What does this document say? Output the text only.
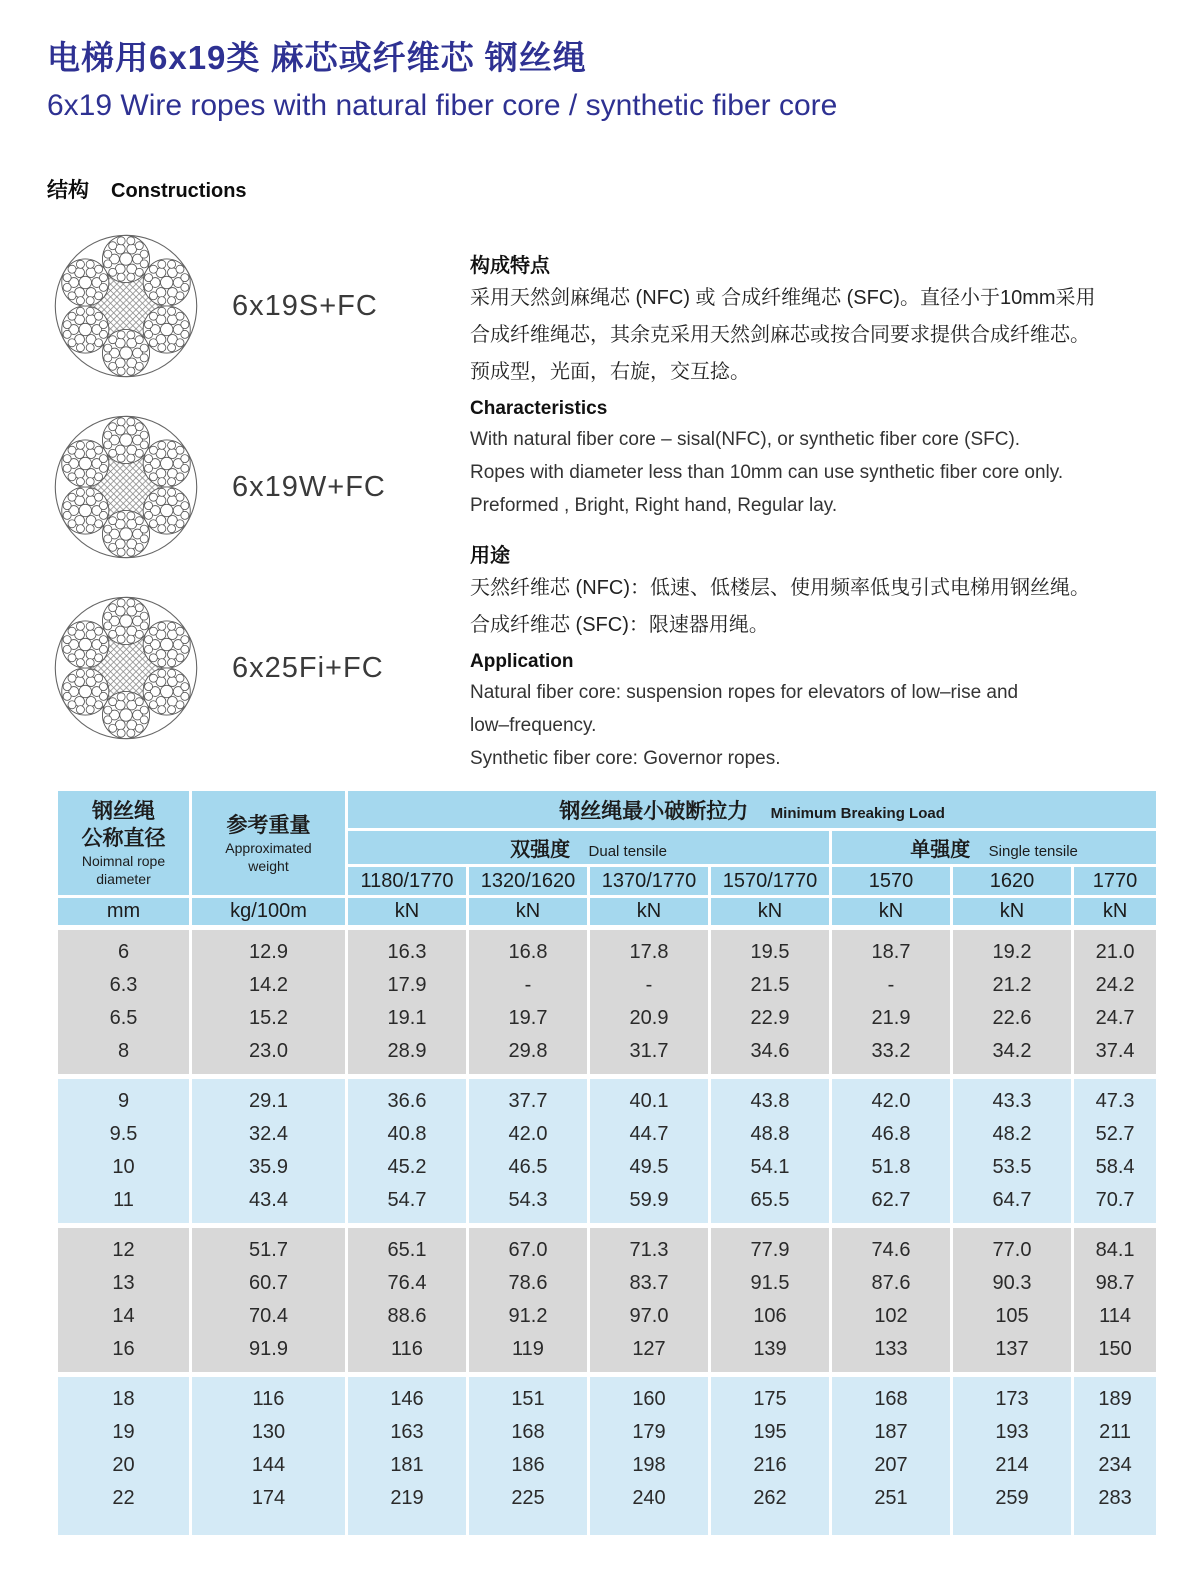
电梯用6x19类 麻芯或纤维芯 钢丝绳
6x19 Wire ropes with natural fiber core / synthetic fiber core
结构 Constructions
6x19S+FC
6x19W+FC
6x25Fi+FC
构成特点
采用天然剑麻绳芯 (NFC) 或 合成纤维绳芯 (SFC)。直径小于10mm采用
合成纤维绳芯，其余克采用天然剑麻芯或按合同要求提供合成纤维芯。
预成型，光面，右旋，交互捻。
Characteristics
With natural fiber core – sisal(NFC), or synthetic fiber core (SFC).
Ropes with diameter less than 10mm can use synthetic fiber core only.
Preformed , Bright, Right hand, Regular lay.
用途
天然纤维芯 (NFC)：低速、低楼层、使用频率低曳引式电梯用钢丝绳。
合成纤维芯 (SFC)：限速器用绳。
Application
Natural fiber core: suspension ropes for elevators of low–rise and
low–frequency.
Synthetic fiber core: Governor ropes.
钢丝绳
公称直径
Noimnal rope
diameter	参考重量
Approximated
weight	钢丝绳最小破断拉力 Minimum Breaking Load						
		双强度 Dual tensile				单强度 Single tensile		
		1180/1770	1320/1620	1370/1770	1570/1770	1570	1620	1770
mm	kg/100m	kN	kN	kN	kN	kN	kN	kN
6	12.9	16.3	16.8	17.8	19.5	18.7	19.2	21.0
6.3	14.2	17.9	-	-	21.5	-	21.2	24.2
6.5	15.2	19.1	19.7	20.9	22.9	21.9	22.6	24.7
8	23.0	28.9	29.8	31.7	34.6	33.2	34.2	37.4
9	29.1	36.6	37.7	40.1	43.8	42.0	43.3	47.3
9.5	32.4	40.8	42.0	44.7	48.8	46.8	48.2	52.7
10	35.9	45.2	46.5	49.5	54.1	51.8	53.5	58.4
11	43.4	54.7	54.3	59.9	65.5	62.7	64.7	70.7
12	51.7	65.1	67.0	71.3	77.9	74.6	77.0	84.1
13	60.7	76.4	78.6	83.7	91.5	87.6	90.3	98.7
14	70.4	88.6	91.2	97.0	106	102	105	114
16	91.9	116	119	127	139	133	137	150
18	116	146	151	160	175	168	173	189
19	130	163	168	179	195	187	193	211
20	144	181	186	198	216	207	214	234
22	174	219	225	240	262	251	259	283
